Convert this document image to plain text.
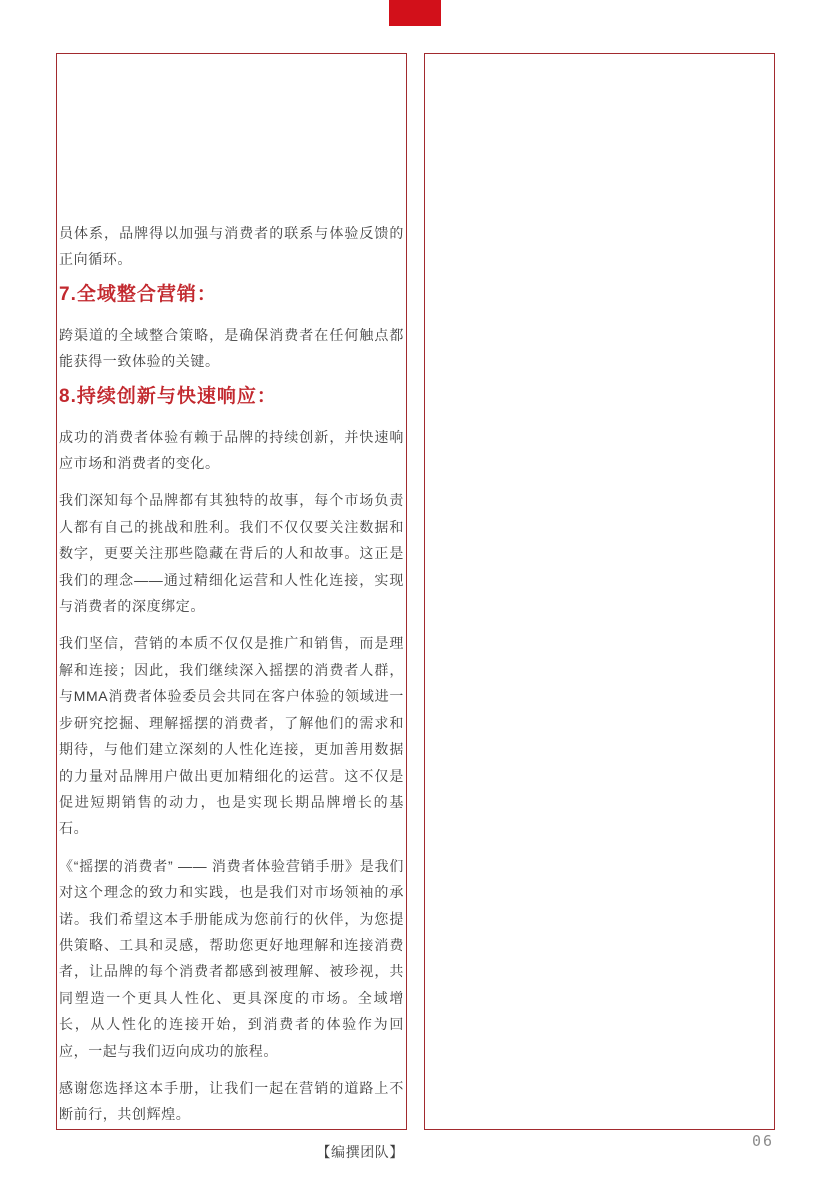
员体系，品牌得以加强与消费者的联系与体验反馈的正向循环。

7.全域整合营销：

跨渠道的全域整合策略，是确保消费者在任何触点都能获得一致体验的关键。

8.持续创新与快速响应：

成功的消费者体验有赖于品牌的持续创新，并快速响应市场和消费者的变化。

我们深知每个品牌都有其独特的故事，每个市场负责人都有自己的挑战和胜利。我们不仅仅要关注数据和数字，更要关注那些隐藏在背后的人和故事。这正是我们的理念——通过精细化运营和人性化连接，实现与消费者的深度绑定。

我们坚信，营销的本质不仅仅是推广和销售，而是理解和连接；因此，我们继续深入摇摆的消费者人群，与MMA消费者体验委员会共同在客户体验的领域进一步研究挖掘、理解摇摆的消费者，了解他们的需求和期待，与他们建立深刻的人性化连接，更加善用数据的力量对品牌用户做出更加精细化的运营。这不仅是促进短期销售的动力，也是实现长期品牌增长的基石。

《“摇摆的消费者” —— 消费者体验营销手册》是我们对这个理念的致力和实践，也是我们对市场领袖的承诺。我们希望这本手册能成为您前行的伙伴，为您提供策略、工具和灵感，帮助您更好地理解和连接消费者，让品牌的每个消费者都感到被理解、被珍视，共同塑造一个更具人性化、更具深度的市场。全域增长，从人性化的连接开始，到消费者的体验作为回应，一起与我们迈向成功的旅程。

感谢您选择这本手册，让我们一起在营销的道路上不断前行，共创辉煌。

【编撰团队】

06
